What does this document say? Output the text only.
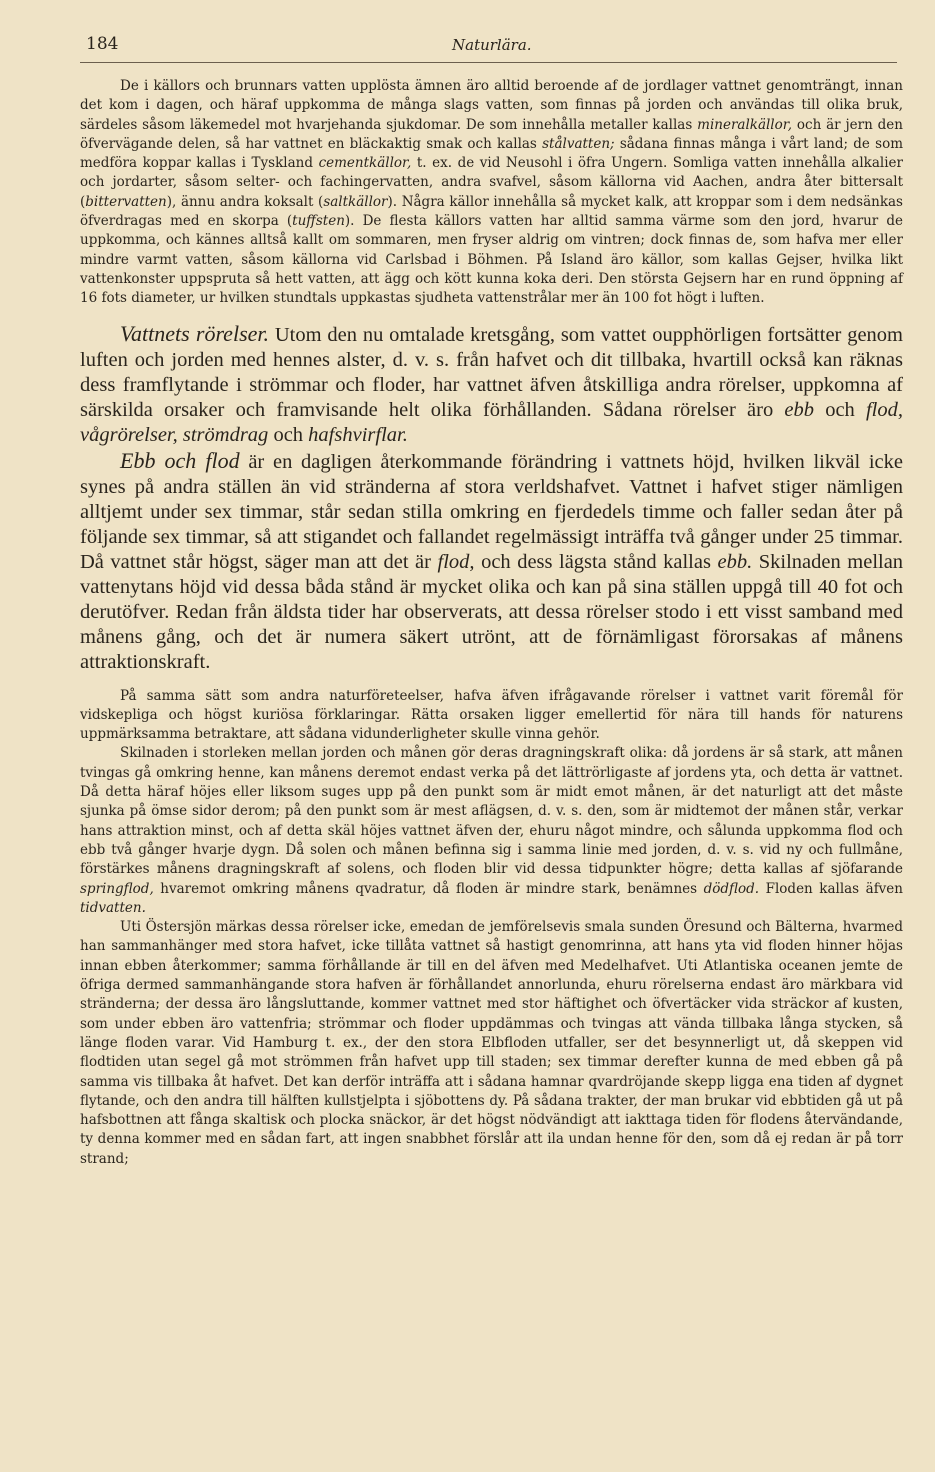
184	Naturlära.

De i källors och brunnars vatten upplösta ämnen äro alltid beroende af de jordlager vattnet genomträngt, innan det kom i dagen, och häraf uppkomma de många slags vatten, som finnas på jorden och användas till olika bruk, särdeles såsom läkemedel mot hvarjehanda sjukdomar. De som innehålla metaller kallas mineralkällor, och är jern den öfvervägande delen, så har vattnet en bläckaktig smak och kallas stålvatten; sådana finnas många i vårt land; de som medföra koppar kallas i Tyskland cementkällor, t. ex. de vid Neusohl i öfra Ungern. Somliga vatten innehålla alkalier och jordarter, såsom selter- och fachingervatten, andra svafvel, såsom källorna vid Aachen, andra åter bittersalt (bittervatten), ännu andra koksalt (saltkällor). Några källor innehålla så mycket kalk, att kroppar som i dem nedsänkas öfverdragas med en skorpa (tuffsten). De flesta källors vatten har alltid samma värme som den jord, hvarur de uppkomma, och kännes alltså kallt om sommaren, men fryser aldrig om vintren; dock finnas de, som hafva mer eller mindre varmt vatten, såsom källorna vid Carlsbad i Böhmen. På Island äro källor, som kallas Gejser, hvilka likt vattenkonster uppspruta så hett vatten, att ägg och kött kunna koka deri. Den största Gejsern har en rund öppning af 16 fots diameter, ur hvilken stundtals uppkastas sjudheta vattenstrålar mer än 100 fot högt i luften.

Vattnets rörelser. Utom den nu omtalade kretsgång, som vattet oupphörligen fortsätter genom luften och jorden med hennes alster, d. v. s. från hafvet och dit tillbaka, hvartill också kan räknas dess framflytande i strömmar och floder, har vattnet äfven åtskilliga andra rörelser, uppkomna af särskilda orsaker och framvisande helt olika förhållanden. Sådana rörelser äro ebb och flod, vågrörelser, strömdrag och hafshvirflar.

Ebb och flod är en dagligen återkommande förändring i vattnets höjd, hvilken likväl icke synes på andra ställen än vid stränderna af stora verldshafvet. Vattnet i hafvet stiger nämligen alltjemt under sex timmar, står sedan stilla omkring en fjerdedels timme och faller sedan åter på följande sex timmar, så att stigandet och fallandet regelmässigt inträffa två gånger under 25 timmar. Då vattnet står högst, säger man att det är flod, och dess lägsta stånd kallas ebb. Skilnaden mellan vattenytans höjd vid dessa båda stånd är mycket olika och kan på sina ställen uppgå till 40 fot och derutöfver. Redan från äldsta tider har observerats, att dessa rörelser stodo i ett visst samband med månens gång, och det är numera säkert utrönt, att de förnämligast förorsakas af månens attraktionskraft.

På samma sätt som andra naturföreteelser, hafva äfven ifrågavande rörelser i vattnet varit föremål för vidskepliga och högst kuriösa förklaringar. Rätta orsaken ligger emellertid för nära till hands för naturens uppmärksamma betraktare, att sådana vidunderligheter skulle vinna gehör.

Skilnaden i storleken mellan jorden och månen gör deras dragningskraft olika: då jordens är så stark, att månen tvingas gå omkring henne, kan månens deremot endast verka på det lättrörligaste af jordens yta, och detta är vattnet. Då detta häraf höjes eller liksom suges upp på den punkt som är midt emot månen, är det naturligt att det måste sjunka på ömse sidor derom; på den punkt som är mest aflägsen, d. v. s. den, som är midtemot der månen står, verkar hans attraktion minst, och af detta skäl höjes vattnet äfven der, ehuru något mindre, och sålunda uppkomma flod och ebb två gånger hvarje dygn. Då solen och månen befinna sig i samma linie med jorden, d. v. s. vid ny och fullmåne, förstärkes månens dragningskraft af solens, och floden blir vid dessa tidpunkter högre; detta kallas af sjöfarande springflod, hvaremot omkring månens qvadratur, då floden är mindre stark, benämnes dödflod. Floden kallas äfven tidvatten.

Uti Östersjön märkas dessa rörelser icke, emedan de jemförelsevis smala sunden Öresund och Bälterna, hvarmed han sammanhänger med stora hafvet, icke tillåta vattnet så hastigt genomrinna, att hans yta vid floden hinner höjas innan ebben återkommer; samma förhållande är till en del äfven med Medelhafvet. Uti Atlantiska oceanen jemte de öfriga dermed sammanhängande stora hafven är förhållandet annorlunda, ehuru rörelserna endast äro märkbara vid stränderna; der dessa äro långsluttande, kommer vattnet med stor häftighet och öfvertäcker vida sträckor af kusten, som under ebben äro vattenfria; strömmar och floder uppdämmas och tvingas att vända tillbaka långa stycken, så länge floden varar. Vid Hamburg t. ex., der den stora Elbfloden utfaller, ser det besynnerligt ut, då skeppen vid flodtiden utan segel gå mot strömmen från hafvet upp till staden; sex timmar derefter kunna de med ebben gå på samma vis tillbaka åt hafvet. Det kan derför inträffa att i sådana hamnar qvardröjande skepp ligga ena tiden af dygnet flytande, och den andra till hälften kullstjelpta i sjöbottens dy. På sådana trakter, der man brukar vid ebbtiden gå ut på hafsbottnen att fånga skaltisk och plocka snäckor, är det högst nödvändigt att iakttaga tiden för flodens återvändande, ty denna kommer med en sådan fart, att ingen snabbhet förslår att ila undan henne för den, som då ej redan är på torr strand;
